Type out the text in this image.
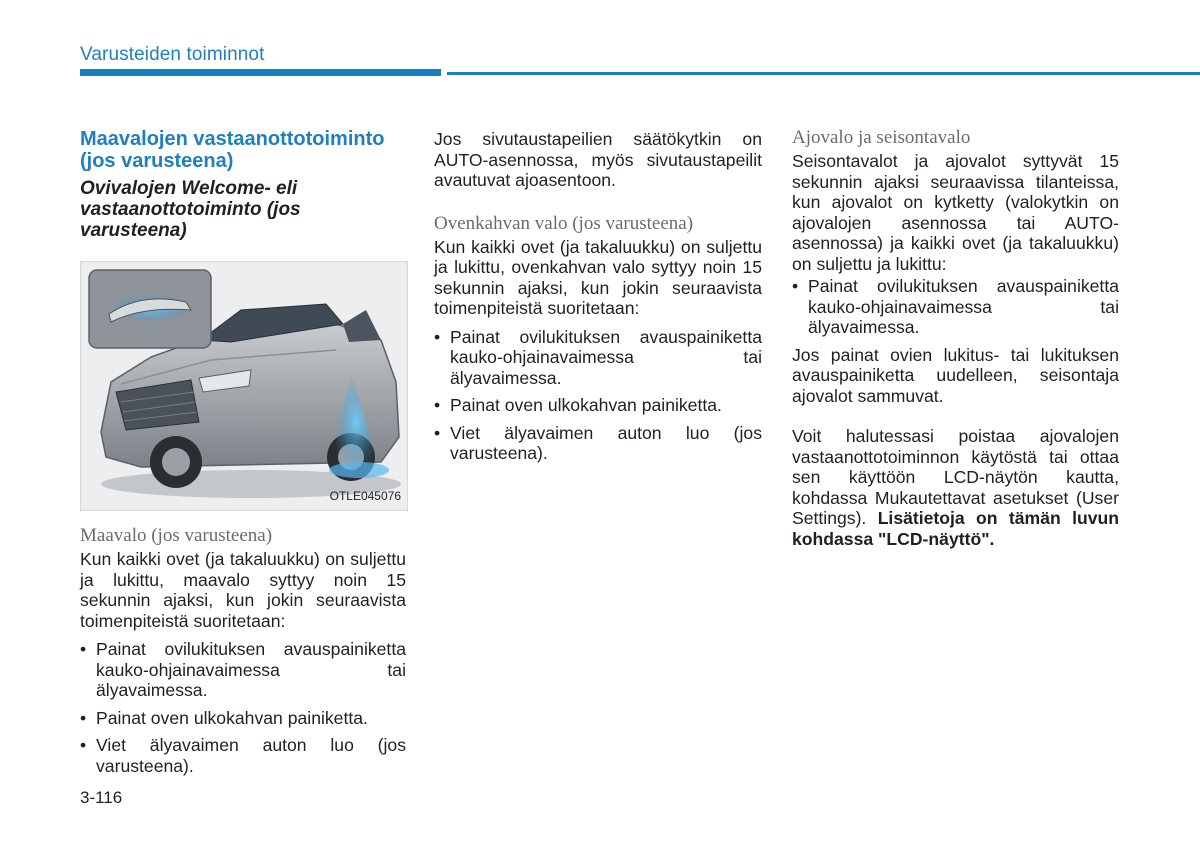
Varusteiden toiminnot
Maavalojen vastaanottotoiminto (jos varusteena)
Ovivalojen Welcome- eli vastaanottotoiminto (jos varusteena)
OTLE045076
Maavalo (jos varusteena)

Kun kaikki ovet (ja takaluukku) on suljettu ja lukittu, maavalo syttyy noin 15 sekunnin ajaksi, kun jokin seuraavista toimenpiteistä suoritetaan:

• Painat ovilukituksen avauspainiketta kauko-ohjainavaimessa tai älyavaimessa.
• Painat oven ulkokahvan painiketta.
• Viet älyavaimen auton luo (jos varusteena).

Jos sivutaustapeilien säätökytkin on AUTO-asennossa, myös sivutaustapeilit avautuvat ajoasentoon.

Ovenkahvan valo (jos varusteena)

Kun kaikki ovet (ja takaluukku) on suljettu ja lukittu, ovenkahvan valo syttyy noin 15 sekunnin ajaksi, kun jokin seuraavista toimenpiteistä suoritetaan:

• Painat ovilukituksen avauspainiketta kauko-ohjainavaimessa tai älyavaimessa.
• Painat oven ulkokahvan painiketta.
• Viet älyavaimen auton luo (jos varusteena).
Ajovalo ja seisontavalo

Seisontavalot ja ajovalot syttyvät 15 sekunnin ajaksi seuraavissa tilanteissa, kun ajovalot on kytketty (valokytkin on ajovalojen asennossa tai AUTO-asennossa) ja kaikki ovet (ja takaluukku) on suljettu ja lukittu:

• Painat ovilukituksen avauspainiketta kauko-ohjainavaimessa tai älyavaimessa.

Jos painat ovien lukitus- tai lukituksen avauspainiketta uudelleen, seisontaja ajovalot sammuvat.

Voit halutessasi poistaa ajovalojen vastaanottotoiminnon käytöstä tai ottaa sen käyttöön LCD-näytön kautta, kohdassa Mukautettavat asetukset (User Settings). Lisätietoja on tämän luvun kohdassa "LCD-näyttö".

3-116
